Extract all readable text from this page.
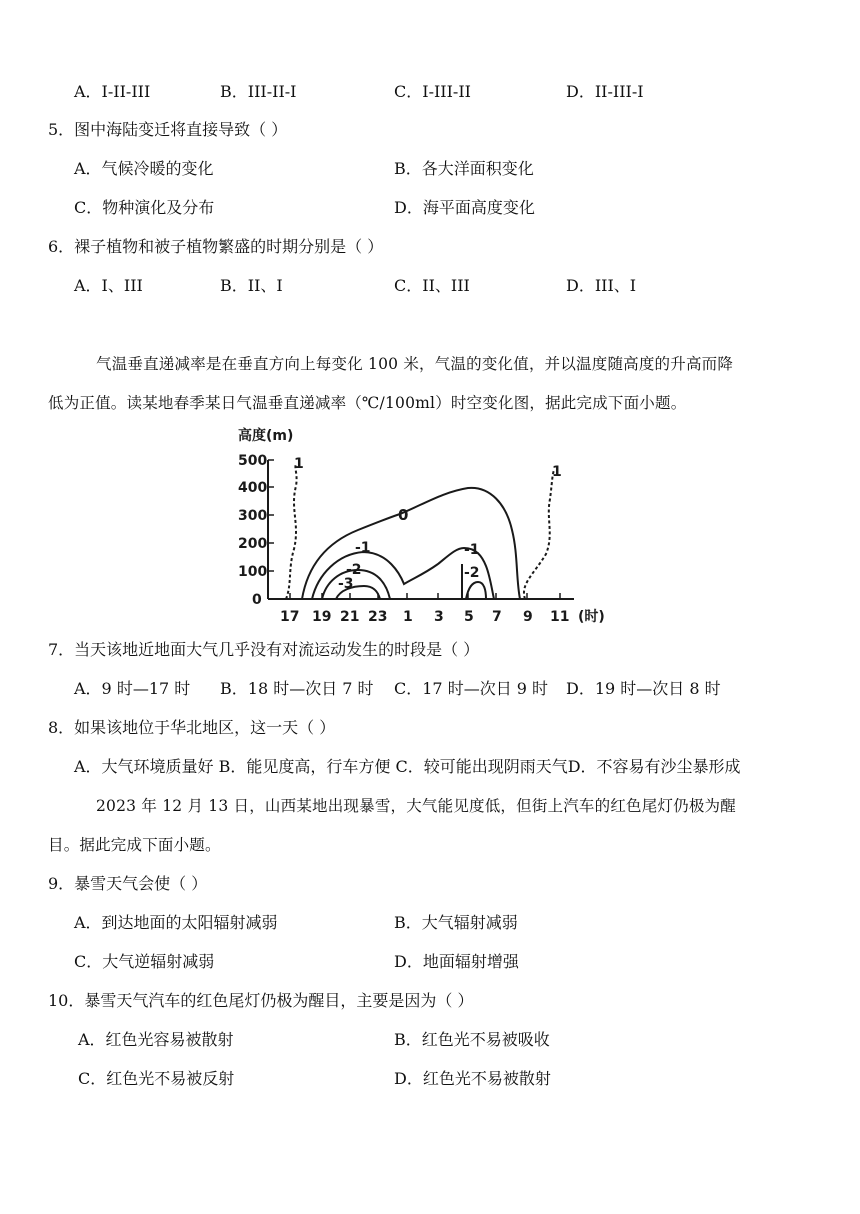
A．I-II-III	B．III-II-I	C．I-III-II	D．II-III-I
5．图中海陆变迁将直接导致（ ）
A．气候冷暖的变化	B．各大洋面积变化
C．物种演化及分布	D．海平面高度变化
6．裸子植物和被子植物繁盛的时期分别是（ ）
A．I、III	B．II、I	C．II、III	D．III、I
气温垂直递减率是在垂直方向上每变化 100 米，气温的变化值，并以温度随高度的升高而降
低为正值。读某地春季某日气温垂直递减率（℃/100ml）时空变化图，据此完成下面小题。
高度(m)
(时)
500
400
300
200
100
0
17 19 21 23 1 3 5 7 9 11
1	1
0
-1
-2
-3
-1
-2
7．当天该地近地面大气几乎没有对流运动发生的时段是（ ）
A．9 时—17 时 B．18 时—次日 7 时 C．17 时—次日 9 时 D．19 时—次日 8 时
8．如果该地位于华北地区，这一天（ ）
A．大气环境质量好 B．能见度高，行车方便 C．较可能出现阴雨天气D．不容易有沙尘暴形成
2023 年 12 月 13 日，山西某地出现暴雪，大气能见度低，但街上汽车的红色尾灯仍极为醒
目。据此完成下面小题。
9．暴雪天气会使（ ）
A．到达地面的太阳辐射减弱	B．大气辐射减弱
C．大气逆辐射减弱	D．地面辐射增强
10．暴雪天气汽车的红色尾灯仍极为醒目，主要是因为（ ）
A．红色光容易被散射	B．红色光不易被吸收
C．红色光不易被反射	D．红色光不易被散射
